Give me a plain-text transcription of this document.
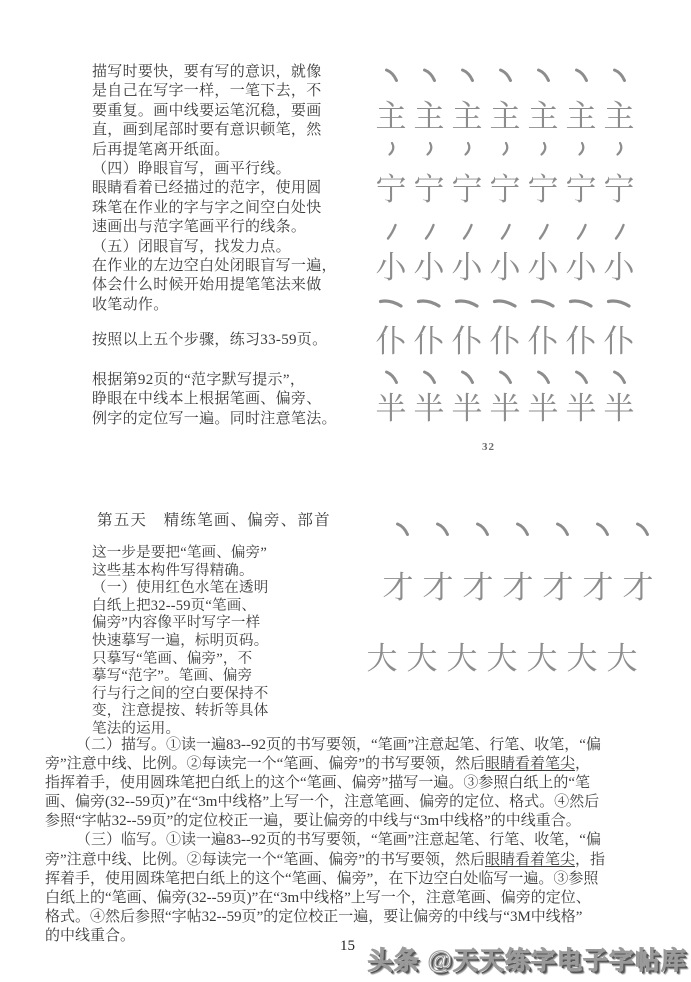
描写时要快，要有写的意识，就像
是自己在写字一样，一笔下去，不
要重复。画中线要运笔沉稳，要画
直，画到尾部时要有意识顿笔，然
后再提笔离开纸面。
（四）睁眼盲写，画平行线。
眼睛看着已经描过的范字，使用圆
珠笔在作业的字与字之间空白处快
速画出与范字笔画平行的线条。
（五）闭眼盲写，找发力点。
在作业的左边空白处闭眼盲写一遍，
体会什么时候开始用提笔笔法来做
收笔动作。
按照以上五个步骤，练习33-59页。
根据第92页的“范字默写提示”，
睁眼在中线本上根据笔画、偏旁、
例字的定位写一遍。同时注意笔法。
第五天　精练笔画、偏旁、部首
这一步是要把“笔画、偏旁”
这些基本构件写得精确。
（一）使用红色水笔在透明
白纸上把32--59页“笔画、
偏旁”内容像平时写字一样
快速摹写一遍，标明页码。
只摹写“笔画、偏旁”，不
摹写“范字”。笔画、偏旁
行与行之间的空白要保持不
变，注意提按、转折等具体
笔法的运用。
主 主 主 主 主 主 主
宁 宁 宁 宁 宁 宁 宁
小 小 小 小 小 小 小
仆 仆 仆 仆 仆 仆 仆
半 半 半 半 半 半 半
32
才 才 才 才 才 才 才
大 大 大 大 大 大 大
（二）描写。①读一遍83--92页的书写要领，“笔画”注意起笔、行笔、收笔，“偏
旁”注意中线、比例。②每读完一个“笔画、偏旁”的书写要领，然后眼睛看着笔尖，
指挥着手，使用圆珠笔把白纸上的这个“笔画、偏旁”描写一遍。③参照白纸上的“笔
画、偏旁(32--59页)”在“3m中线格”上写一个，注意笔画、偏旁的定位、格式。④然后
参照“字帖32--59页”的定位校正一遍，要让偏旁的中线与“3m中线格”的中线重合。
（三）临写。①读一遍83--92页的书写要领，“笔画”注意起笔、行笔、收笔，“偏
旁”注意中线、比例。②每读完一个“笔画、偏旁”的书写要领，然后眼睛看着笔尖，指
挥着手，使用圆珠笔把白纸上的这个“笔画、偏旁”，在下边空白处临写一遍。③参照
白纸上的“笔画、偏旁(32--59页)”在“3m中线格”上写一个，注意笔画、偏旁的定位、
格式。④然后参照“字帖32--59页”的定位校正一遍，要让偏旁的中线与“3M中线格”
的中线重合。
15
头条 @天天练字电子字帖库
